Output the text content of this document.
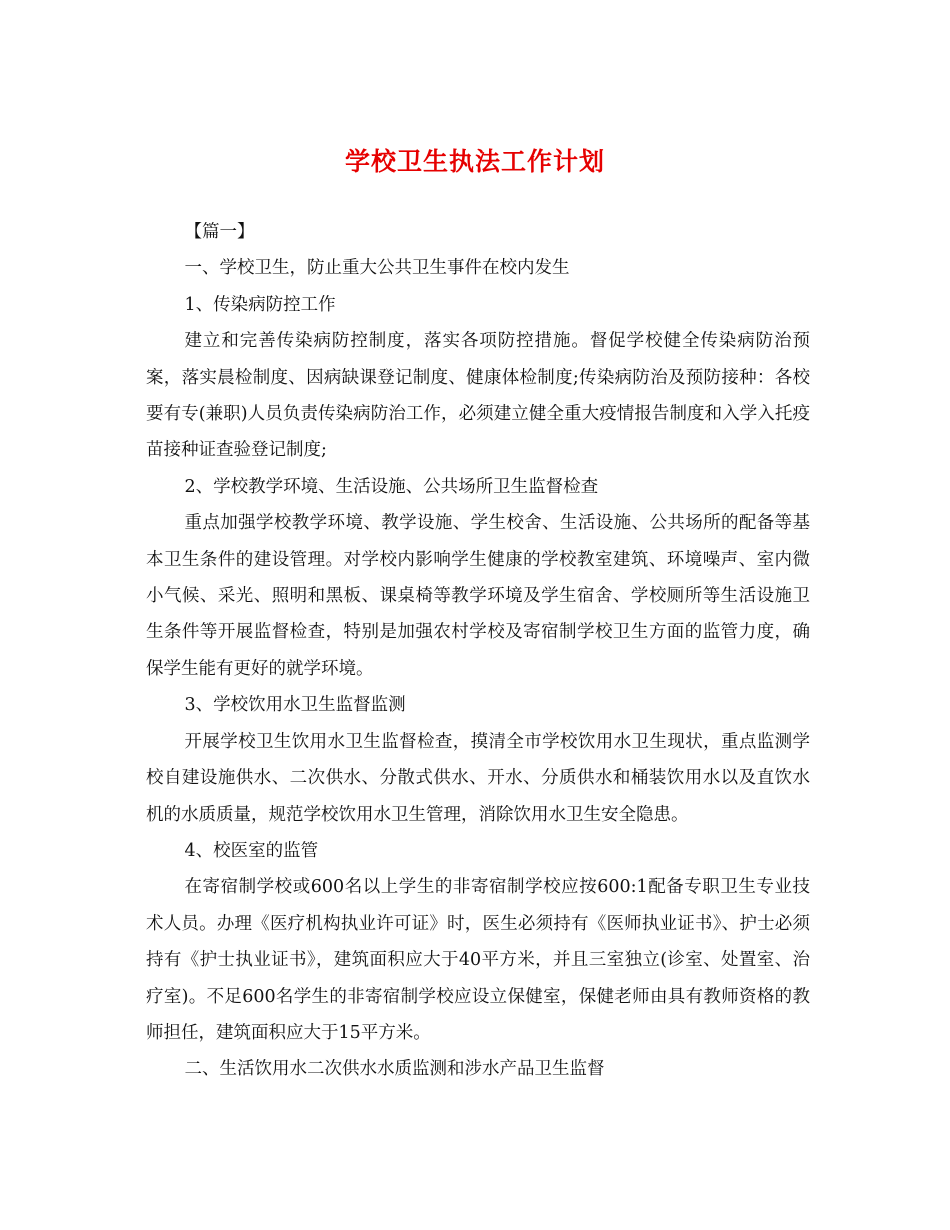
学校卫生执法工作计划

【篇一】

一、学校卫生，防止重大公共卫生事件在校内发生

1、传染病防控工作

建立和完善传染病防控制度，落实各项防控措施。督促学校健全传染病防治预案，落实晨检制度、因病缺课登记制度、健康体检制度;传染病防治及预防接种：各校要有专(兼职)人员负责传染病防治工作，必须建立健全重大疫情报告制度和入学入托疫苗接种证查验登记制度;

2、学校教学环境、生活设施、公共场所卫生监督检查

重点加强学校教学环境、教学设施、学生校舍、生活设施、公共场所的配备等基本卫生条件的建设管理。对学校内影响学生健康的学校教室建筑、环境噪声、室内微小气候、采光、照明和黑板、课桌椅等教学环境及学生宿舍、学校厕所等生活设施卫生条件等开展监督检查，特别是加强农村学校及寄宿制学校卫生方面的监管力度，确保学生能有更好的就学环境。

3、学校饮用水卫生监督监测

开展学校卫生饮用水卫生监督检查，摸清全市学校饮用水卫生现状，重点监测学校自建设施供水、二次供水、分散式供水、开水、分质供水和桶装饮用水以及直饮水机的水质质量，规范学校饮用水卫生管理，消除饮用水卫生安全隐患。

4、校医室的监管

在寄宿制学校或600名以上学生的非寄宿制学校应按600:1配备专职卫生专业技术人员。办理《医疗机构执业许可证》时，医生必须持有《医师执业证书》、护士必须持有《护士执业证书》，建筑面积应大于40平方米，并且三室独立(诊室、处置室、治疗室)。不足600名学生的非寄宿制学校应设立保健室，保健老师由具有教师资格的教师担任，建筑面积应大于15平方米。

二、生活饮用水二次供水水质监测和涉水产品卫生监督
